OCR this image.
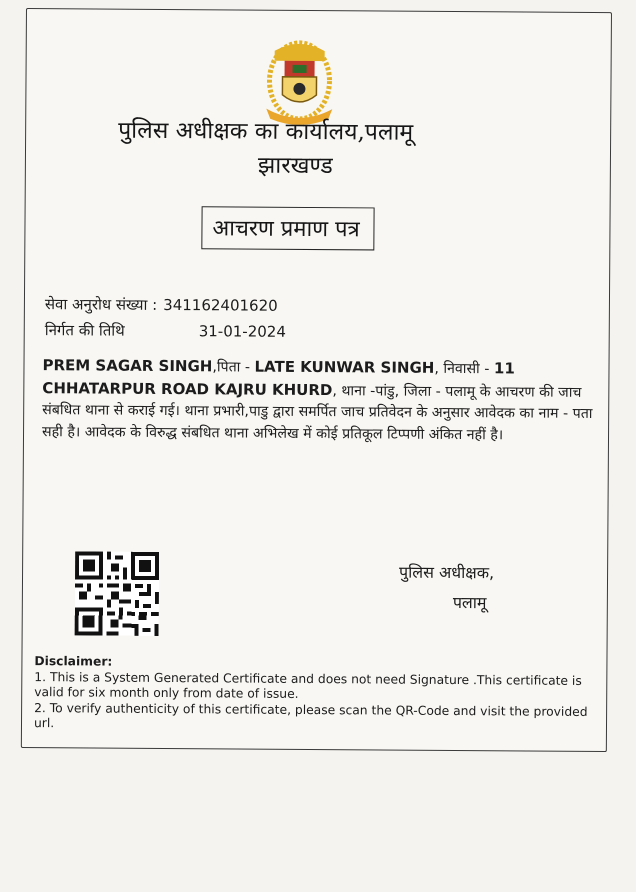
पुलिस अधीक्षक का कार्यालय,पलामू
झारखण्ड
आचरण प्रमाण पत्र
सेवा अनुरोध संख्या : 341162401620
निर्गत की तिथि	31-01-2024
PREM SAGAR SINGH,पिता - LATE KUNWAR SINGH, निवासी - 11 CHHATARPUR ROAD KAJRU KHURD, थाना -पांडु, जिला - पलामू के आचरण की जाच संबधित थाना से कराई गई। थाना प्रभारी,पाडु द्वारा समर्पित जाच प्रतिवेदन के अनुसार आवेदक का नाम - पता सही है। आवेदक के विरुद्ध संबधित थाना अभिलेख में कोई प्रतिकूल टिप्पणी अंकित नहीं है।
पुलिस अधीक्षक,
पलामू
Disclaimer:
1. This is a System Generated Certificate and does not need Signature .This certificate is valid for six month only from date of issue.
2. To verify authenticity of this certificate, please scan the QR-Code and visit the provided url.
